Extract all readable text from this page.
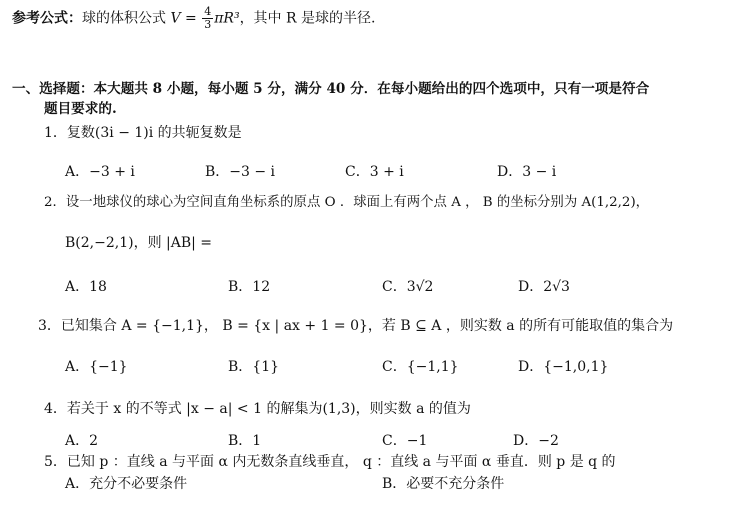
参考公式：球的体积公式 $V = \frac{4}{3} \pi R^3$，其中 R 是球的半径.
一、选择题：本大题共 8 小题，每小题 5 分，满分 40 分．在每小题给出的四个选项中，只有一项是符合
题目要求的.
1．复数(3i − 1)i 的共轭复数是
A．−3 + i	B．−3 − i	C．3 + i	D．3 − i
2．设一地球仪的球心为空间直角坐标系的原点 O ．球面上有两个点 A ， B 的坐标分别为 A(1,2,2)，
B(2,−2,1)，则 |AB| =
A．18	B．12	C．3√2	D．2√3
3．已知集合 A = {−1,1}， B = {x | ax + 1 = 0}，若 B ⊆ A ，则实数 a 的所有可能取值的集合为
A．{−1}	B．{1}	C．{−1,1}	D．{−1,0,1}
4．若关于 x 的不等式 |x − a| < 1 的解集为(1,3)，则实数 a 的值为
A．2	B．1	C．−1	D．−2
5．已知 p ：直线 a 与平面 α 内无数条直线垂直， q ：直线 a 与平面 α 垂直．则 p 是 q 的
A．充分不必要条件	B．必要不充分条件
